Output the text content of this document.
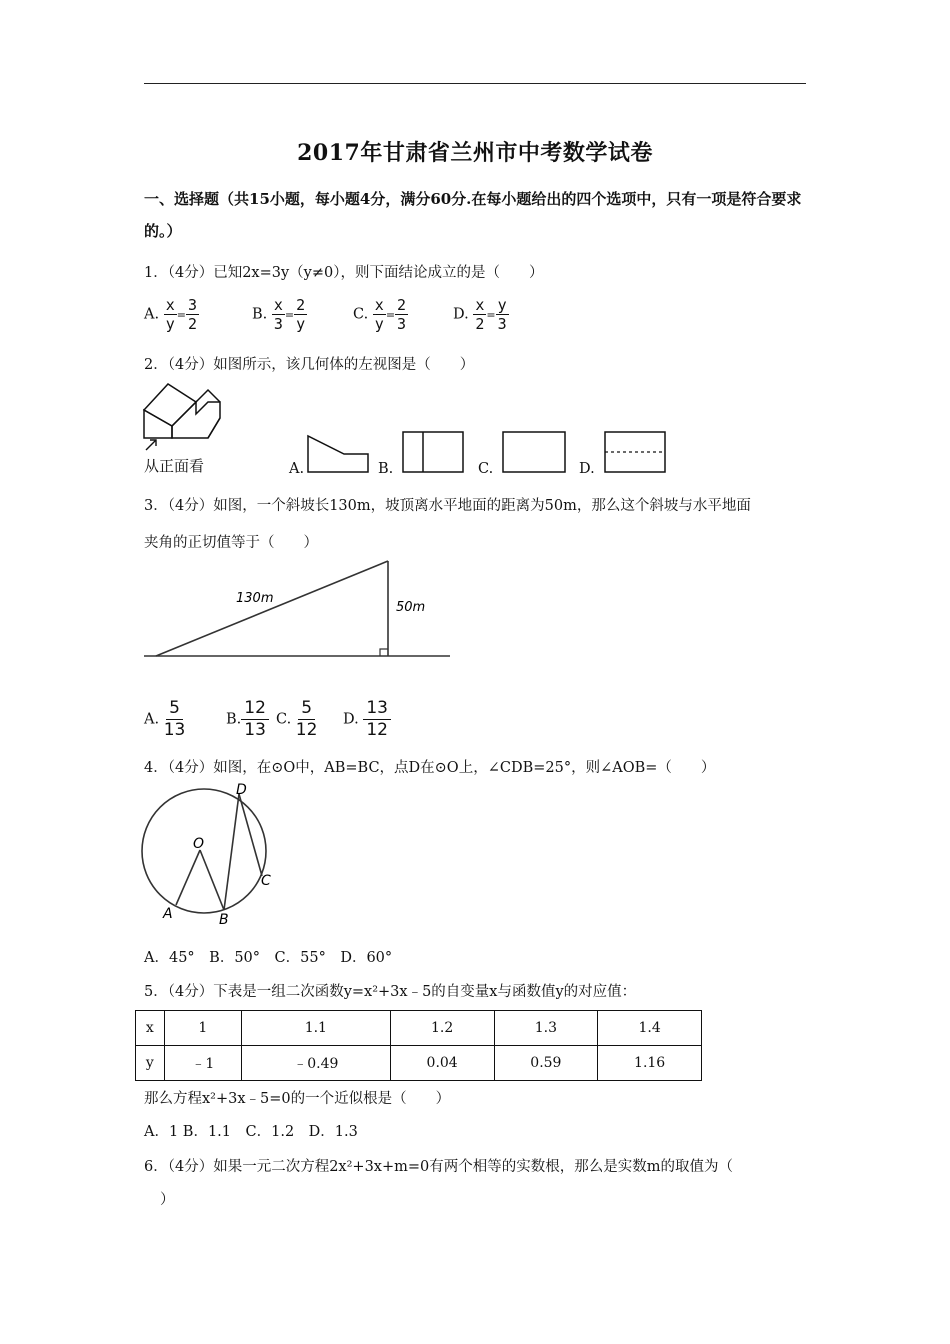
2017年甘肃省兰州市中考数学试卷
一、选择题（共15小题，每小题4分，满分60分.在每小题给出的四个选项中，只有一项是符合要求的。）
1．（4分）已知2x=3y（y≠0），则下面结论成立的是（　　）
A. $\frac{x}{y} = \frac{3}{2}$	B. $\frac{x}{3} = \frac{2}{y}$	C. $\frac{x}{y} = \frac{2}{3}$	D. $\frac{x}{2} = \frac{y}{3}$
2．（4分）如图所示，该几何体的左视图是（　　）
从正面看	A.	B.	C.	D.
3．（4分）如图，一个斜坡长130m，坡顶离水平地面的距离为50m，那么这个斜坡与水平地面
夹角的正切值等于（　　）
130m
50m
A. $\frac{5}{13}$	B. $\frac{12}{13} C$. $\frac{5}{12} D$. $\frac{13}{12}$
4．（4分）如图，在⊙O中，AB=BC，点D在⊙O上，∠CDB=25°，则∠AOB=（　　）
O
A	B
C
D
A．45°　B．50°　C．55°　D．60°
5．（4分）下表是一组二次函数y=x²+3x﹣5的自变量x与函数值y的对应值：
x	1	1.1	1.2	1.3	1.4
y	﹣1	﹣0.49	0.04	0.59	1.16
那么方程x²+3x﹣5=0的一个近似根是（　　）
A．1 B．1.1　C．1.2　D．1.3
6．（4分）如果一元二次方程2x²+3x+m=0有两个相等的实数根，那么是实数m的取值为（
）
